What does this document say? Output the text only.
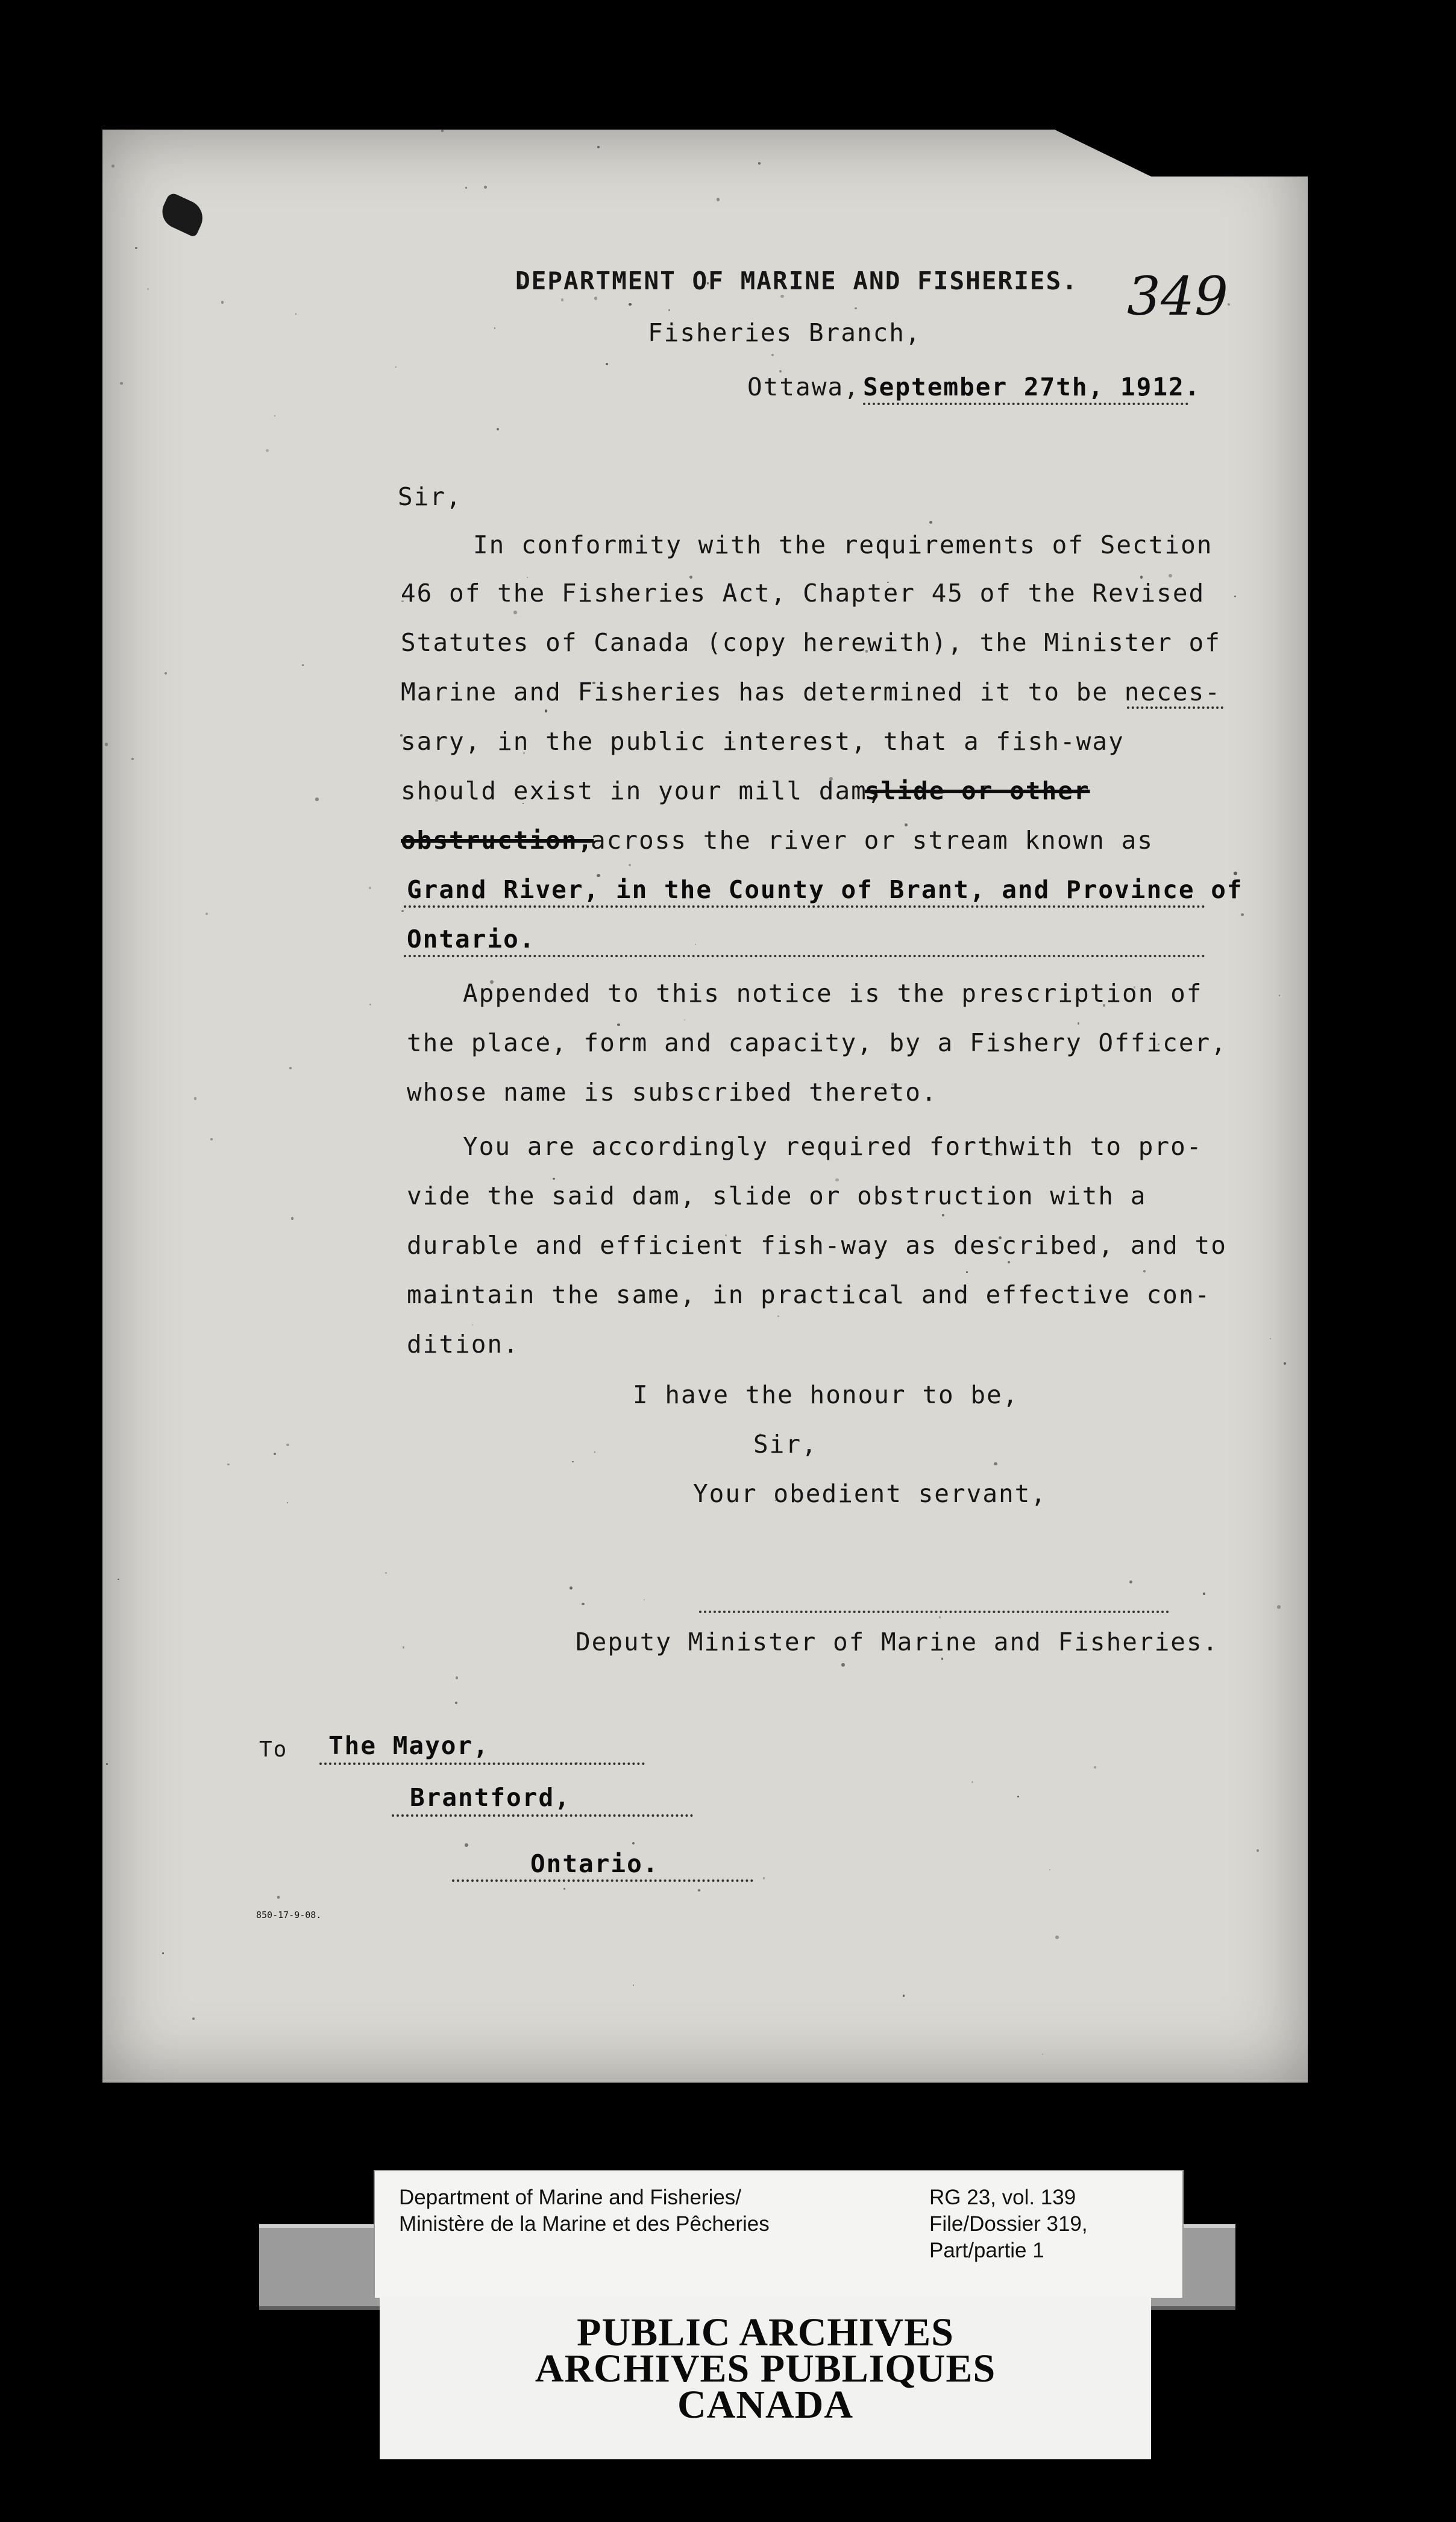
349
DEPARTMENT OF MARINE AND FISHERIES.
Fisheries Branch,
Ottawa, September 27th, 1912.
Sir,
In conformity with the requirements of Section
46 of the Fisheries Act, Chapter 45 of the Revised
Statutes of Canada (copy herewith), the Minister of
Marine and Fisheries has determined it to be neces-
sary, in the public interest, that a fish-way
should exist in your mill dam,
slide or other
obstruction,
across the river or stream known as
Grand River, in the County of Brant, and Province of
Ontario.
Appended to this notice is the prescription of
the place, form and capacity, by a Fishery Officer,
whose name is subscribed thereto.
You are accordingly required forthwith to pro-
vide the said dam, slide or obstruction with a
durable and efficient fish-way as described, and to
maintain the same, in practical and effective con-
dition.
I have the honour to be,
Sir,
Your obedient servant,
Deputy Minister of Marine and Fisheries.
To The Mayor,
Brantford,
Ontario.
850-17-9-08.
Department of Marine and Fisheries/
Ministère de la Marine et des Pêcheries
RG 23, vol. 139
File/Dossier 319,
Part/partie 1
PUBLIC ARCHIVES
ARCHIVES PUBLIQUES
CANADA
